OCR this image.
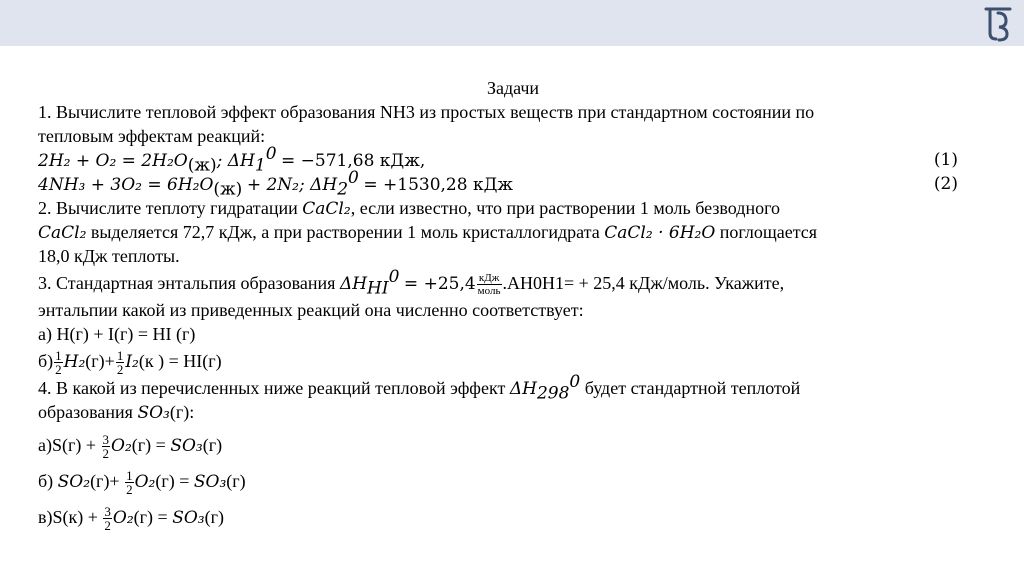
Задачи
1. Вычислите тепловой эффект образования NH3 из простых веществ при стандартном состоянии по
тепловым эффектам реакций:
$2H_2 + O_2 = 2H_2O_{(ж)}$; $\Delta H_1^0 = -571,68$ кДж,	(1)
$4NH_3 + 3O_2 = 6H_2O_{(ж)} + 2N_2$; $\Delta H_2^0 = +1530,28$ кДж	(2)
2. Вычислите теплоту гидратации CaCl₂, если известно, что при растворении 1 моль безводного
CaCl₂ выделяется 72,7 кДж, а при растворении 1 моль кристаллогидрата CaCl₂ · 6H₂O поглощается
18,0 кДж теплоты.
3. Стандартная энтальпия образования $\Delta H_{HI}^0 = +25,4 \frac{\text{кДж}}{\text{моль}} .AH0H1= + 25,4$ кДж/моль. Укажите,
энтальпии какой из приведенных реакций она численно соответствует:
а) H(г) + I(г) = HI (г)
$б) \frac{1}{2} H_2(г)+ \frac{1}{2} I_2(к$ ) = HI(г)
4. В какой из перечисленных ниже реакций тепловой эффект $\Delta H_{298}^0$ будет стандартной теплотой
образования SO₃(г):
$а)S(г) + \frac{3}{2} O_2(г) = SO_3(г)$
б) $SO_2(г)+ \frac{1}{2} O_2(г) = SO_3(г)$
$в)S(к) + \frac{3}{2} O_2(г) = SO_3(г)$
